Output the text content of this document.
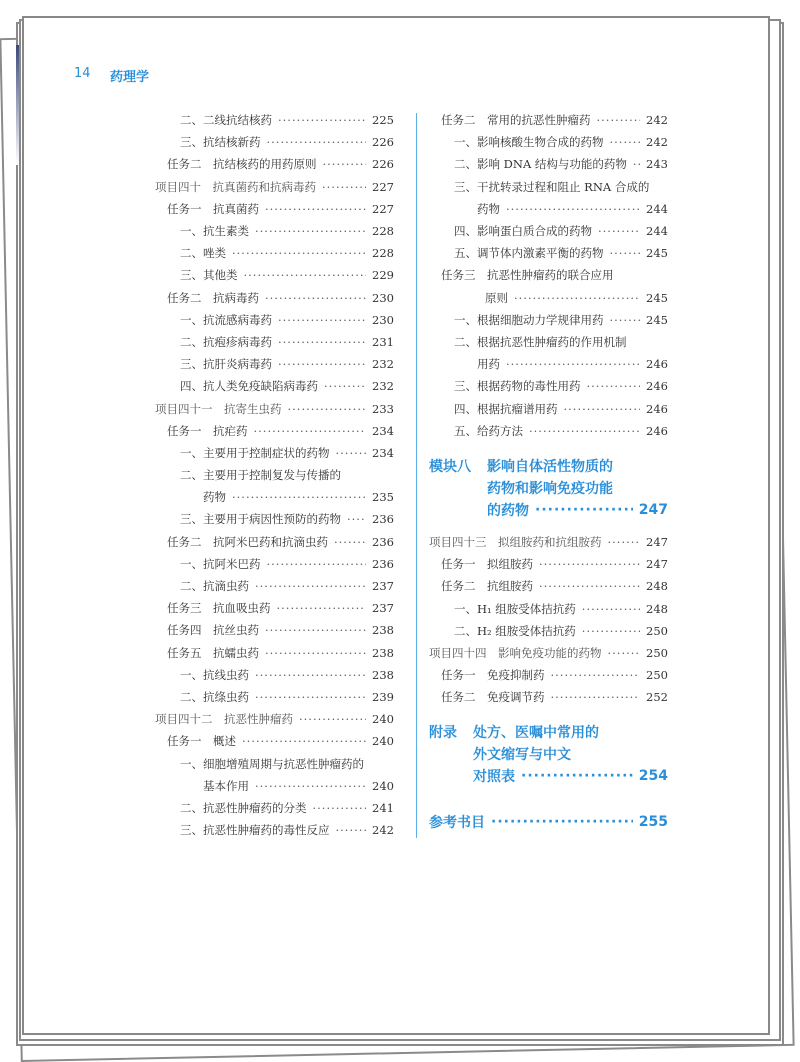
14 药理学
二、二线抗结核药 ·····	225
三、抗结核新药 ·····	226
任务二　抗结核药的用药原则 ·····	226
项目四十　抗真菌药和抗病毒药 ·····	227
任务一　抗真菌药 ·····	227
一、抗生素类 ·····	228
二、唑类 ·····	228
三、其他类 ·····	229
任务二　抗病毒药 ·····	230
一、抗流感病毒药 ·····	230
二、抗疱疹病毒药 ·····	231
三、抗肝炎病毒药 ·····	232
四、抗人类免疫缺陷病毒药 ·····	232
项目四十一　抗寄生虫药 ·····	233
任务一　抗疟药 ·····	234
一、主要用于控制症状的药物 ·····	234
二、主要用于控制复发与传播的
药物 ·····	235
三、主要用于病因性预防的药物 ·····	236
任务二　抗阿米巴药和抗滴虫药 ·····	236
一、抗阿米巴药 ·····	236
二、抗滴虫药 ·····	237
任务三　抗血吸虫药 ·····	237
任务四　抗丝虫药 ·····	238
任务五　抗蠕虫药 ·····	238
一、抗线虫药 ·····	238
二、抗绦虫药 ·····	239
项目四十二　抗恶性肿瘤药 ·····	240
任务一　概述 ·····	240
一、细胞增殖周期与抗恶性肿瘤药的
基本作用 ·····	240
二、抗恶性肿瘤药的分类 ·····	241
三、抗恶性肿瘤药的毒性反应 ·····	242
任务二　常用的抗恶性肿瘤药 ·····	242
一、影响核酸生物合成的药物 ·····	242
二、影响 DNA 结构与功能的药物 ····· 243
三、干扰转录过程和阻止 RNA 合成的
药物 ·····	244
四、影响蛋白质合成的药物 ·····	244
五、调节体内激素平衡的药物 ·····	245
任务三　抗恶性肿瘤药的联合应用
原则 ·····	245
一、根据细胞动力学规律用药 ·····	245
二、根据抗恶性肿瘤药的作用机制
用药 ·····	246
三、根据药物的毒性用药 ·····	246
四、根据抗瘤谱用药 ·····	246
五、给药方法 ·····	246
模块八	影响自体活性物质的
药物和影响免疫功能
的药物 ·····	247
项目四十三　拟组胺药和抗组胺药 ·····	247
任务一　拟组胺药 ·····	247
任务二　抗组胺药 ·····	248
一、H₁ 组胺受体拮抗药 ·····	248
二、H₂ 组胺受体拮抗药 ·····	250
项目四十四　影响免疫功能的药物 ·····	250
任务一　免疫抑制药 ·····	250
任务二　免疫调节药 ·····	252
附录	处方、医嘱中常用的
外文缩写与中文
对照表 ·····	254
参考书目 ·····	255
